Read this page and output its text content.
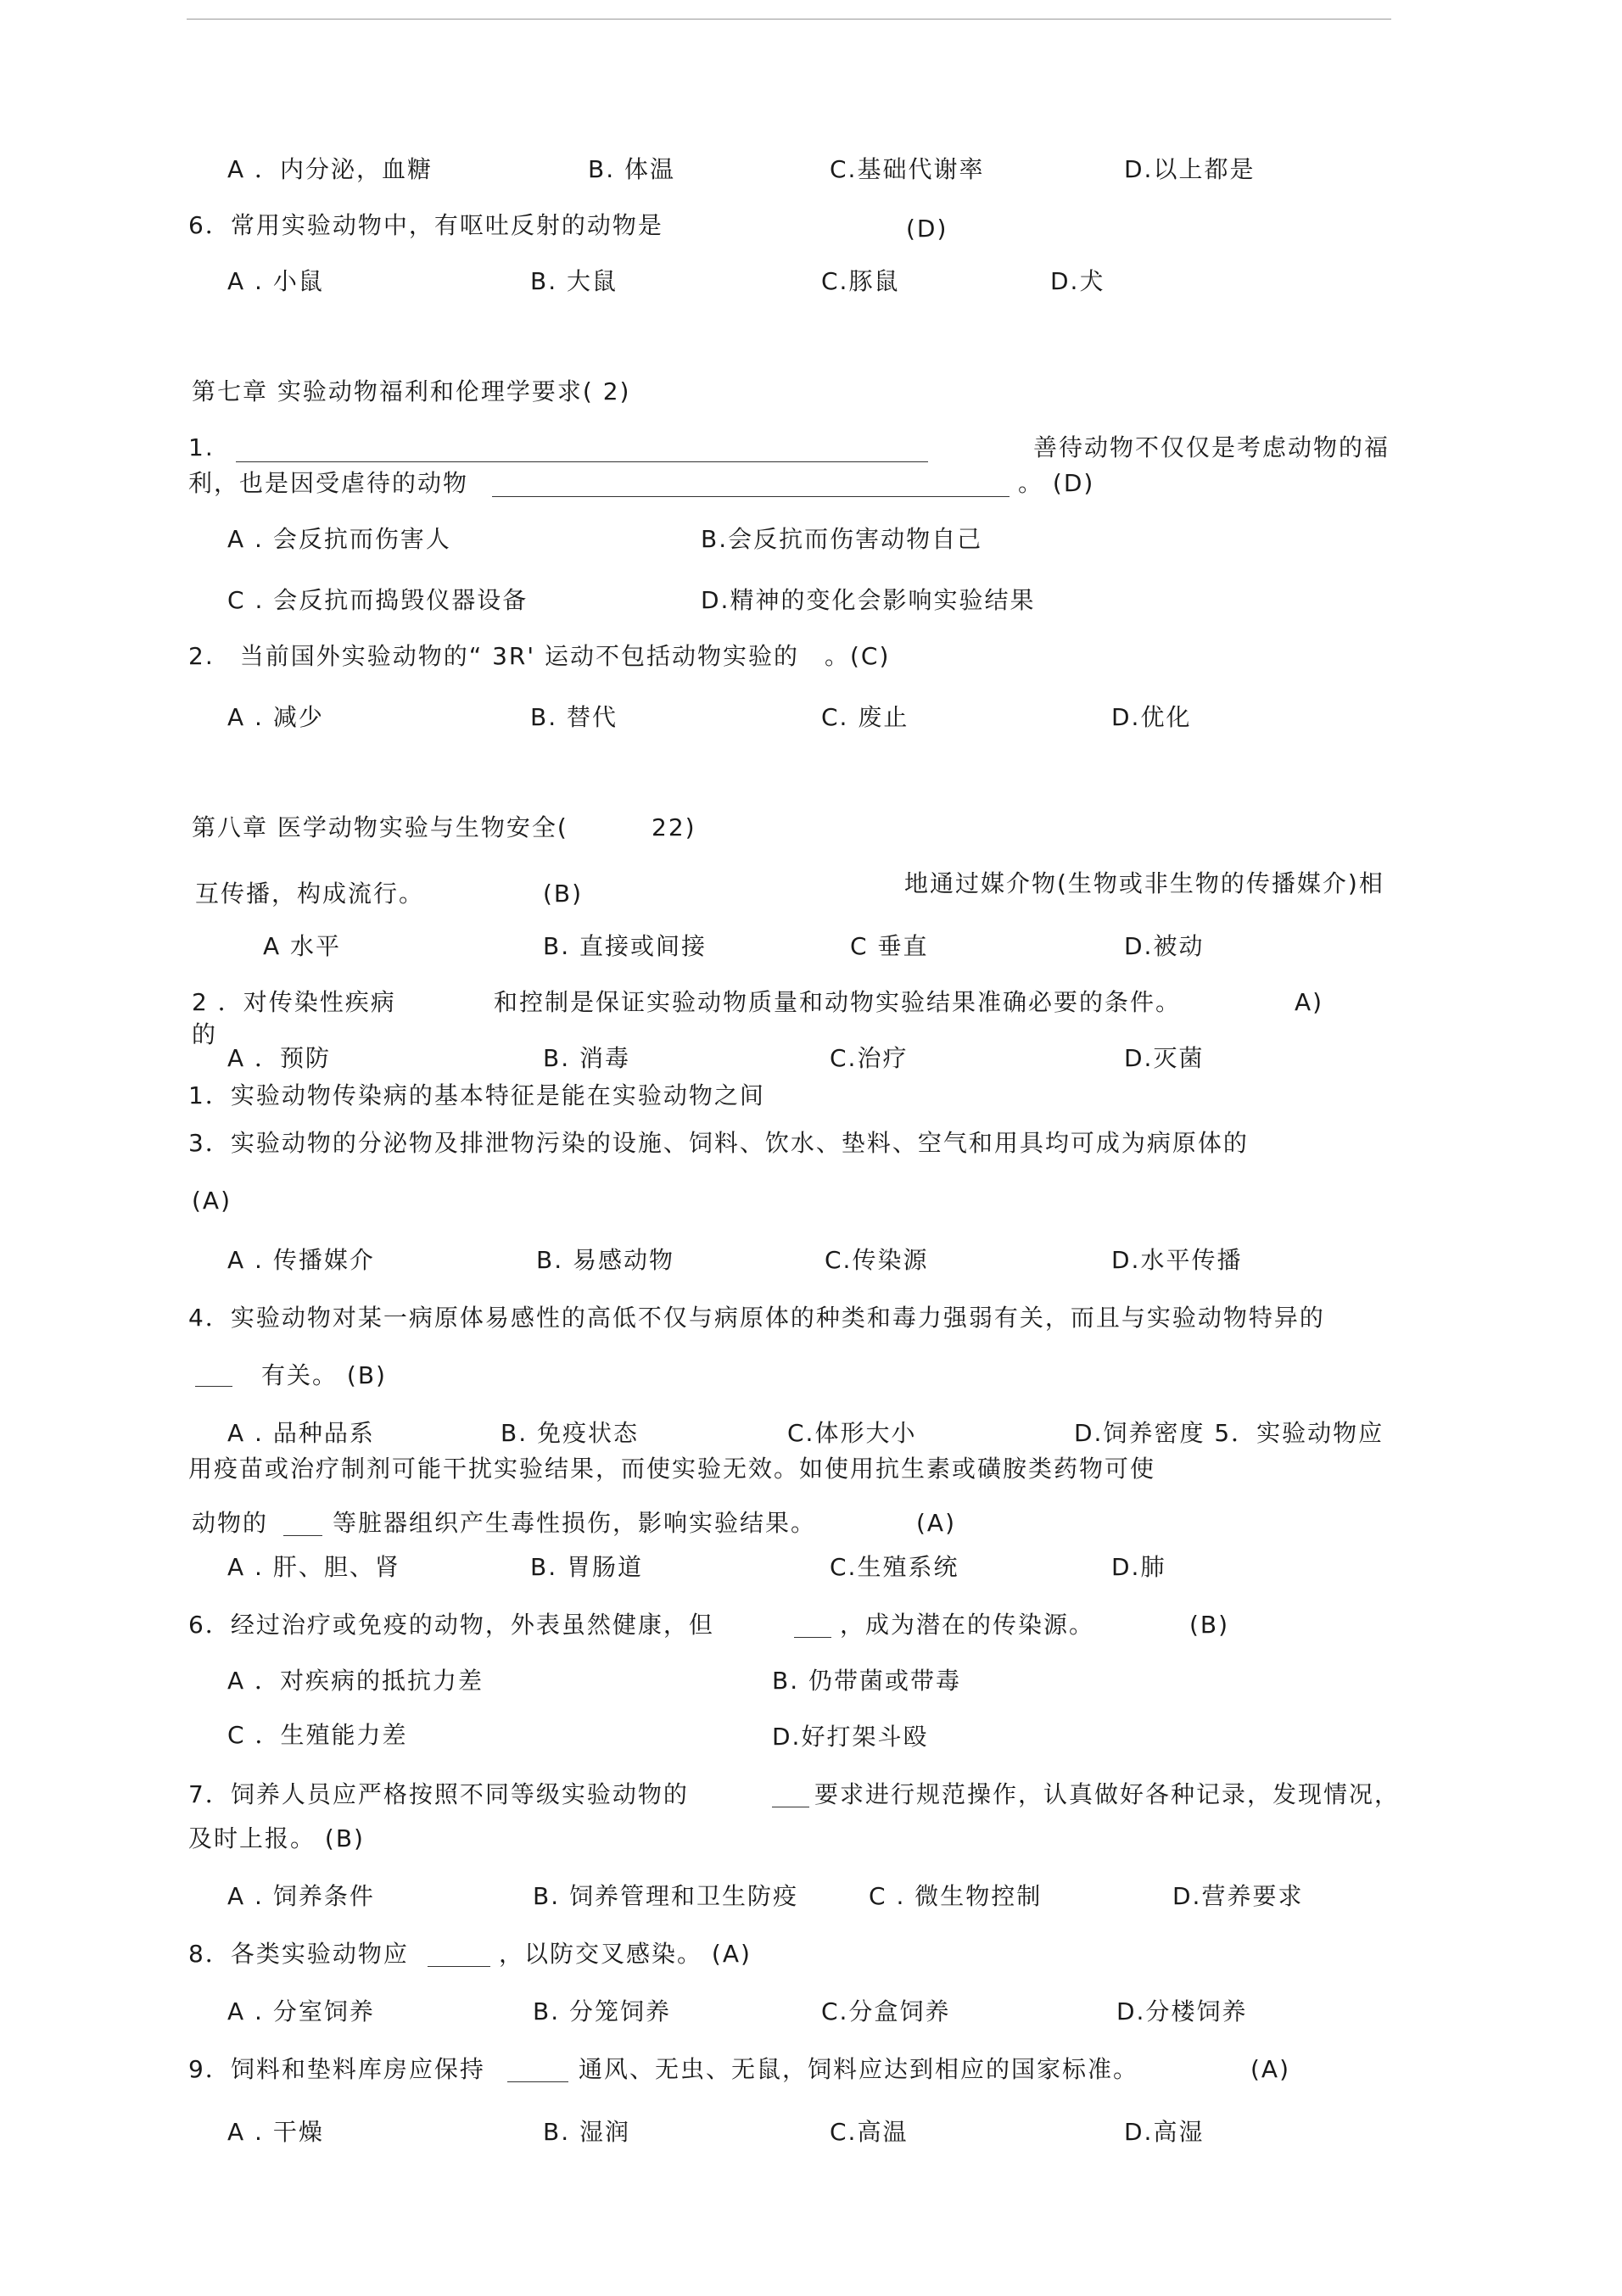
A ．内分泌，血糖	B. 体温	C.基础代谢率	D.以上都是
6．常用实验动物中，有呕吐反射的动物是	(D)
A . 小鼠	B. 大鼠	C.豚鼠	D.犬
第七章 实验动物福利和伦理学要求( 2)
1.	善待动物不仅仅是考虑动物的福
利，也是因受虐待的动物	。 (D)
A . 会反抗而伤害人	B.会反抗而伤害动物自己
C . 会反抗而捣毁仪器设备	D.精神的变化会影响实验结果
2.　当前国外实验动物的“ 3R' 运动不包括动物实验的　。(C)
A . 减少	B. 替代	C. 废止	D.优化
第八章 医学动物实验与生物安全(	22)
地通过媒介物(生物或非生物的传播媒介)相
互传播，构成流行。	(B)
A 水平	B. 直接或间接	C 垂直	D.被动
2 ．对传染性疾病	和控制是保证实验动物质量和动物实验结果准确必要的条件。	A)
的
A ．预防	B. 消毒	C.治疗	D.灭菌
1．实验动物传染病的基本特征是能在实验动物之间
3．实验动物的分泌物及排泄物污染的设施、饲料、饮水、垫料、空气和用具均可成为病原体的
(A)
A . 传播媒介	B. 易感动物	C.传染源	D.水平传播
4．实验动物对某一病原体易感性的高低不仅与病原体的种类和毒力强弱有关，而且与实验动物特异的
有关。 (B)
A . 品种品系	B. 免疫状态	C.体形大小	D.饲养密度 5．实验动物应
用疫苗或治疗制剂可能干扰实验结果，而使实验无效。如使用抗生素或磺胺类药物可使
动物的	等脏器组织产生毒性损伤，影响实验结果。	(A)
A . 肝、胆、肾	B. 胃肠道	C.生殖系统	D.肺
6．经过治疗或免疫的动物，外表虽然健康，但	，成为潜在的传染源。	(B)
A ．对疾病的抵抗力差	B. 仍带菌或带毒
C ．生殖能力差	D.好打架斗殴
7．饲养人员应严格按照不同等级实验动物的	要求进行规范操作，认真做好各种记录，发现情况，
及时上报。 (B)
A . 饲养条件	B. 饲养管理和卫生防疫	C . 微生物控制	D.营养要求
8．各类实验动物应	，以防交叉感染。 (A)
A . 分室饲养	B. 分笼饲养	C.分盒饲养	D.分楼饲养
9．饲料和垫料库房应保持	通风、无虫、无鼠，饲料应达到相应的国家标准。	(A)
A . 干燥	B. 湿润	C.高温	D.高湿
